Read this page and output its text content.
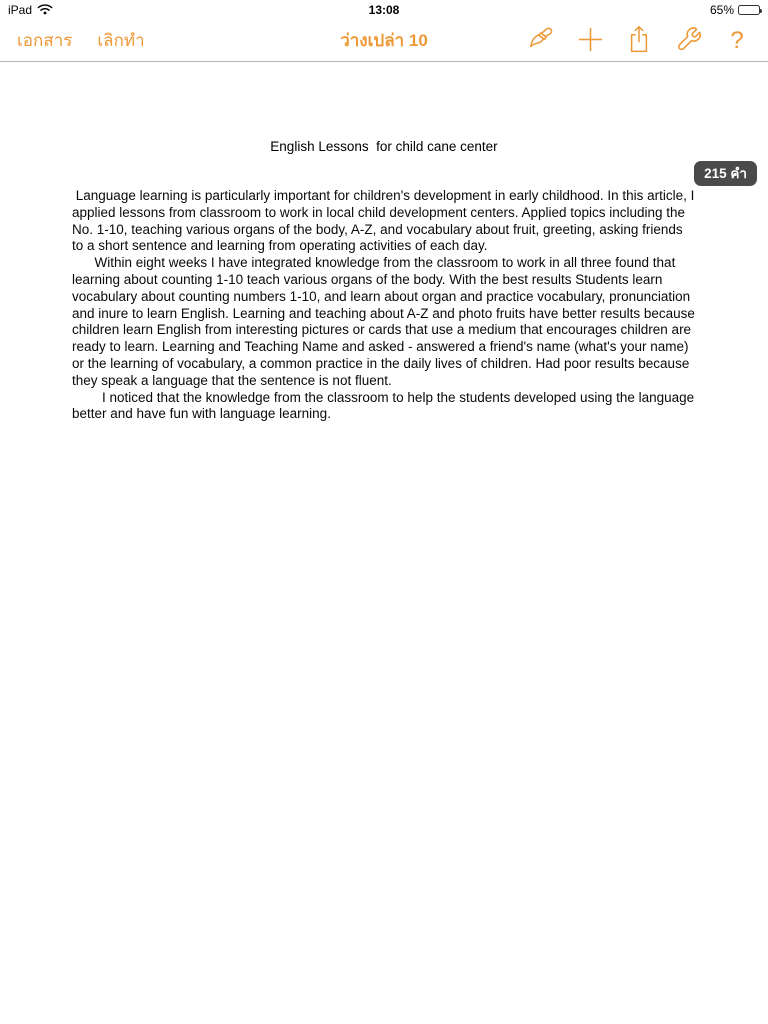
iPad	13:08	65%
เอกสาร เลิกทำ	ว่างเปล่า 10	?
215 คำ

English Lessons  for child cane center

Language learning is particularly important for children's development in early childhood. In this article, I applied lessons from classroom to work in local child development centers. Applied topics including the No. 1-10, teaching various organs of the body, A-Z, and vocabulary about fruit, greeting, asking friends to a short sentence and learning from operating activities of each day.

Within eight weeks I have integrated knowledge from the classroom to work in all three found that learning about counting 1-10 teach various organs of the body. With the best results Students learn vocabulary about counting numbers 1-10, and learn about organ and practice vocabulary, pronunciation and inure to learn English. Learning and teaching about A-Z and photo fruits have better results because children learn English from interesting pictures or cards that use a medium that encourages children are ready to learn. Learning and Teaching Name and asked - answered a friend's name (what's your name) or the learning of vocabulary, a common practice in the daily lives of children. Had poor results because they speak a language that the sentence is not fluent.

I noticed that the knowledge from the classroom to help the students developed using the language better and have fun with language learning.
